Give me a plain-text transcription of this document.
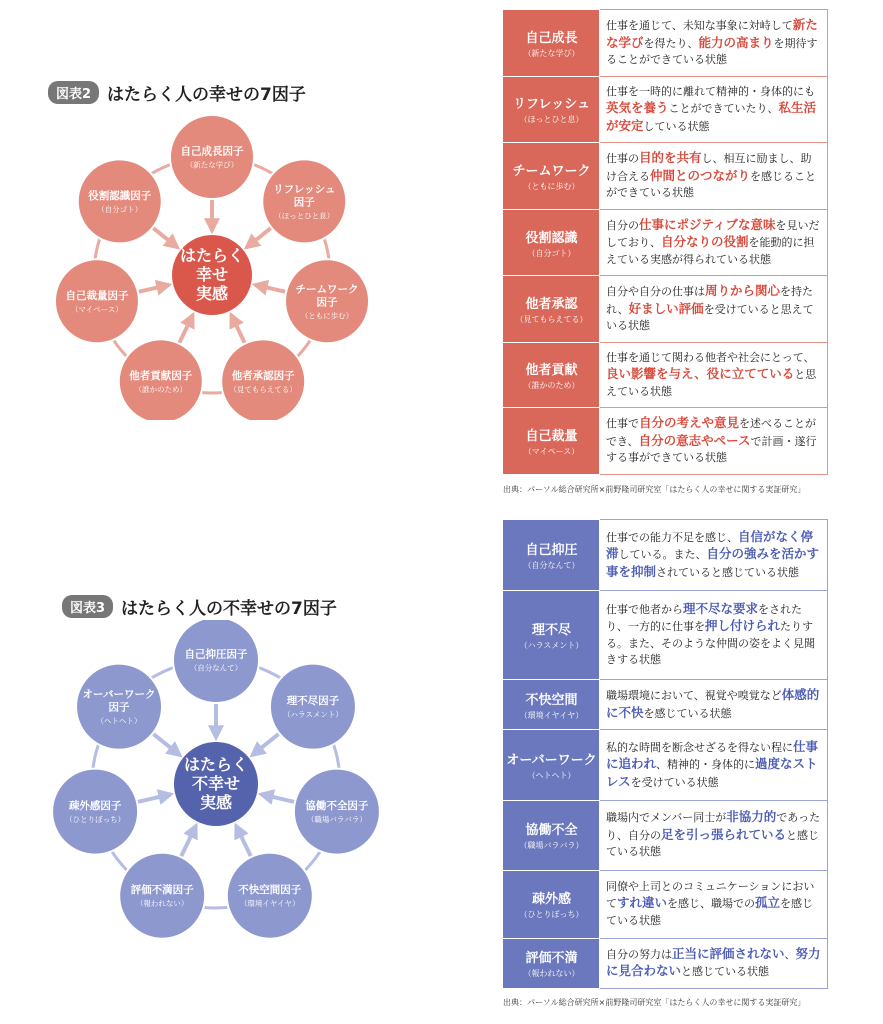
図表2 はたらく人の幸せの7因子
自己成長因子
（新たな学び）
リフレッシュ
因子
（ほっとひと息）
チームワーク
因子
（ともに歩む）
他者承認因子
（見てもらえてる）
他者貢献因子
（誰かのため）
自己裁量因子
（マイペース）
役割認識因子
（自分ゴト）
はたらく
幸せ
実感
図表3 はたらく人の不幸せの7因子
自己抑圧因子
（自分なんて）
理不尽因子
（ハラスメント）
協働不全因子
（職場バラバラ）
不快空間因子
（環境イヤイヤ）
評価不満因子
（報われない）
疎外感因子
（ひとりぼっち）
オーバーワーク
因子
（ヘトヘト）
はたらく
不幸せ
実感
自己成長
（新たな学び）	仕事を通じて、未知な事象に対峙して新たな学びを得たり、能力の高まりを期待することができている状態

リフレッシュ
（ほっとひと息）	仕事を一時的に離れて精神的・身体的にも英気を養うことができていたり、私生活が安定している状態

チームワーク
（ともに歩む）	仕事の目的を共有し、相互に励まし、助け合える仲間とのつながりを感じることができている状態

役割認識
（自分ゴト）	自分の仕事にポジティブな意味を見いだしており、自分なりの役割を能動的に担えている実感が得られている状態

他者承認
（見てもらえてる）	自分や自分の仕事は周りから関心を持たれ、好ましい評価を受けていると思えている状態

他者貢献
（誰かのため）	仕事を通じて関わる他者や社会にとって、良い影響を与え、役に立てていると思えている状態

自己裁量
（マイペース）	仕事で自分の考えや意見を述べることができ、自分の意志やペースで計画・遂行する事ができている状態
出典：パーソル総合研究所×前野隆司研究室「はたらく人の幸せに関する実証研究」
自己抑圧
（自分なんて）	仕事での能力不足を感じ、自信がなく停滞している。また、自分の強みを活かす事を抑制されていると感じている状態

理不尽
（ハラスメント）	仕事で他者から理不尽な要求をされたり、一方的に仕事を押し付けられたりする。また、そのような仲間の姿をよく見聞きする状態

不快空間
（環境イヤイヤ）	職場環境において、視覚や嗅覚など体感的に不快を感じている状態

オーバーワーク
（ヘトヘト）	私的な時間を断念せざるを得ない程に仕事に追われ、精神的・身体的に過度なストレスを受けている状態

協働不全
（職場バラバラ）	職場内でメンバー同士が非協力的であったり、自分の足を引っ張られていると感じている状態

疎外感
（ひとりぼっち）	同僚や上司とのコミュニケーションにおいてすれ違いを感じ、職場での孤立を感じている状態

評価不満
（報われない）	自分の努力は正当に評価されない、努力に見合わないと感じている状態
出典：パーソル総合研究所×前野隆司研究室「はたらく人の幸せに関する実証研究」
